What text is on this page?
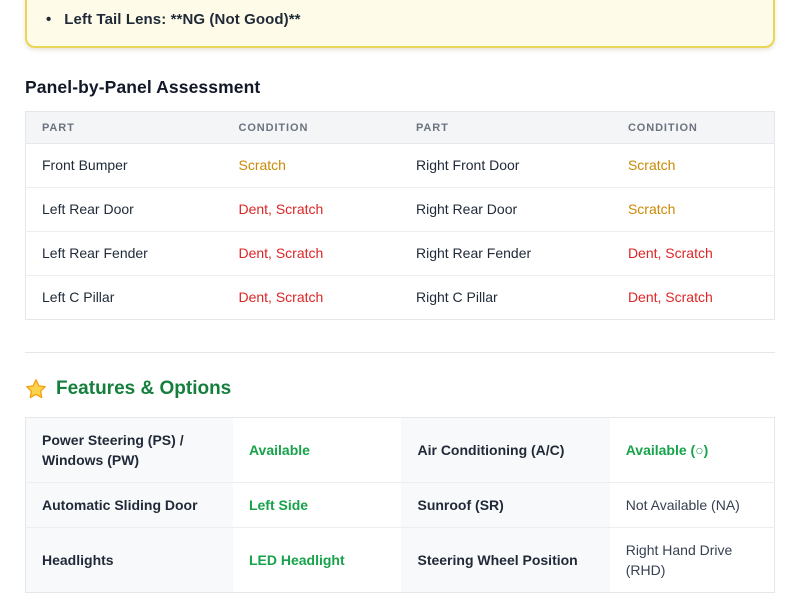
• Left Tail Lens: **NG (Not Good)**
Panel-by-Panel Assessment
PART	CONDITION	PART	CONDITION
Front Bumper	Scratch	Right Front Door	Scratch
Left Rear Door	Dent, Scratch	Right Rear Door	Scratch
Left Rear Fender	Dent, Scratch	Right Rear Fender	Dent, Scratch
Left C Pillar	Dent, Scratch	Right C Pillar	Dent, Scratch
Features & Options
Power Steering (PS) / Windows (PW)	Available	Air Conditioning (A/C)	Available (○)
Automatic Sliding Door	Left Side	Sunroof (SR)	Not Available (NA)
Headlights	LED Headlight	Steering Wheel Position	Right Hand Drive (RHD)
